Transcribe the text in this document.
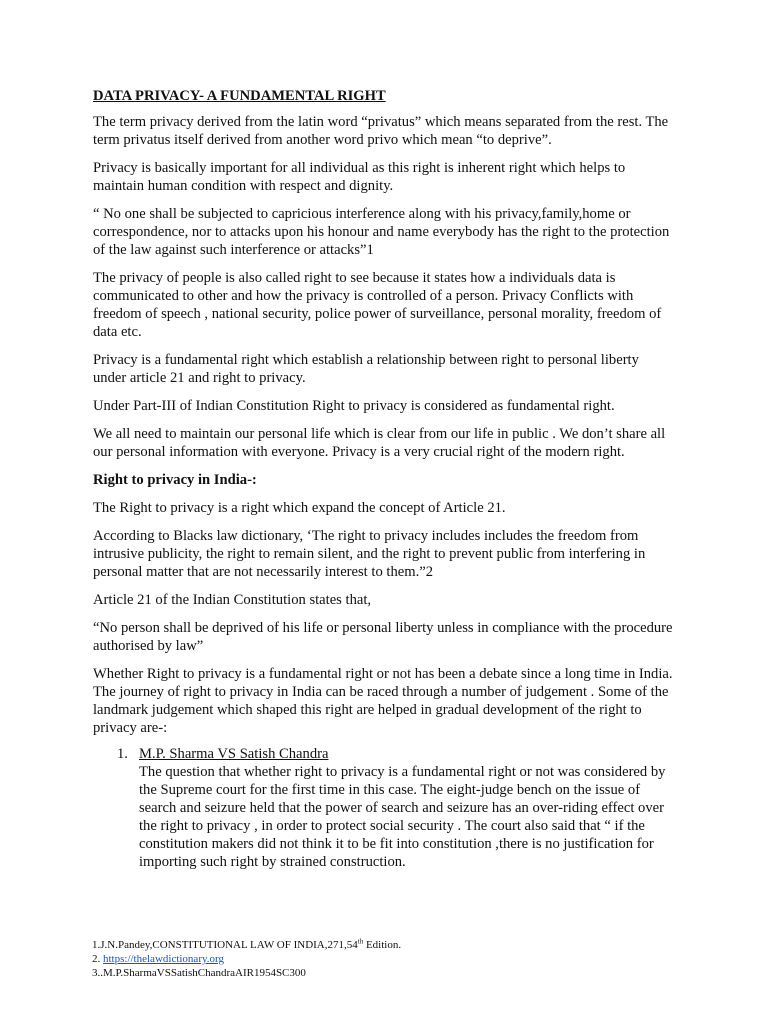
DATA PRIVACY- A FUNDAMENTAL RIGHT

The term privacy derived from the latin word “privatus” which means separated from the rest. The term privatus itself derived from another word privo which mean “to deprive”.

Privacy is basically important for all individual as this right is inherent right which helps to maintain human condition with respect and dignity.

“ No one shall be subjected to capricious interference along with his privacy,family,home or correspondence, nor to attacks upon his honour and name everybody has the right to the protection of the law against such interference or attacks”1

The privacy of people is also called right to see because it states how a individuals data is communicated to other and how the privacy is controlled of a person. Privacy Conflicts with freedom of speech , national security, police power of surveillance, personal morality, freedom of data etc.

Privacy is a fundamental right which establish a relationship between right to personal liberty under article 21 and right to privacy.

Under Part-III of Indian Constitution Right to privacy is considered as fundamental right.

We all need to maintain our personal life which is clear from our life in public . We don’t share all our personal information with everyone. Privacy is a very crucial right of the modern right.

Right to privacy in India-:

The Right to privacy is a right which expand the concept of Article 21.

According to Blacks law dictionary, ‘The right to privacy includes includes the freedom from intrusive publicity, the right to remain silent, and the right to prevent public from interfering in personal matter that are not necessarily interest to them.”2

Article 21 of the Indian Constitution states that,

“No person shall be deprived of his life or personal liberty unless in compliance with the procedure authorised by law”

Whether Right to privacy is a fundamental right or not has been a debate since a long time in India. The journey of right to privacy in India can be raced through a number of judgement . Some of the landmark judgement which shaped this right are helped in gradual development of the right to privacy are-:

1. M.P. Sharma VS Satish Chandra
The question that whether right to privacy is a fundamental right or not was considered by the Supreme court for the first time in this case. The eight-judge bench on the issue of search and seizure held that the power of search and seizure has an over-riding effect over the right to privacy , in order to protect social security . The court also said that “ if the constitution makers did not think it to be fit into constitution ,there is no justification for importing such right by strained construction.
1.J.N.Pandey,CONSTITUTIONAL LAW OF INDIA,271,54th Edition.
2. https://thelawdictionary.org
3..M.P.SharmaVSSatishChandraAIR1954SC300
